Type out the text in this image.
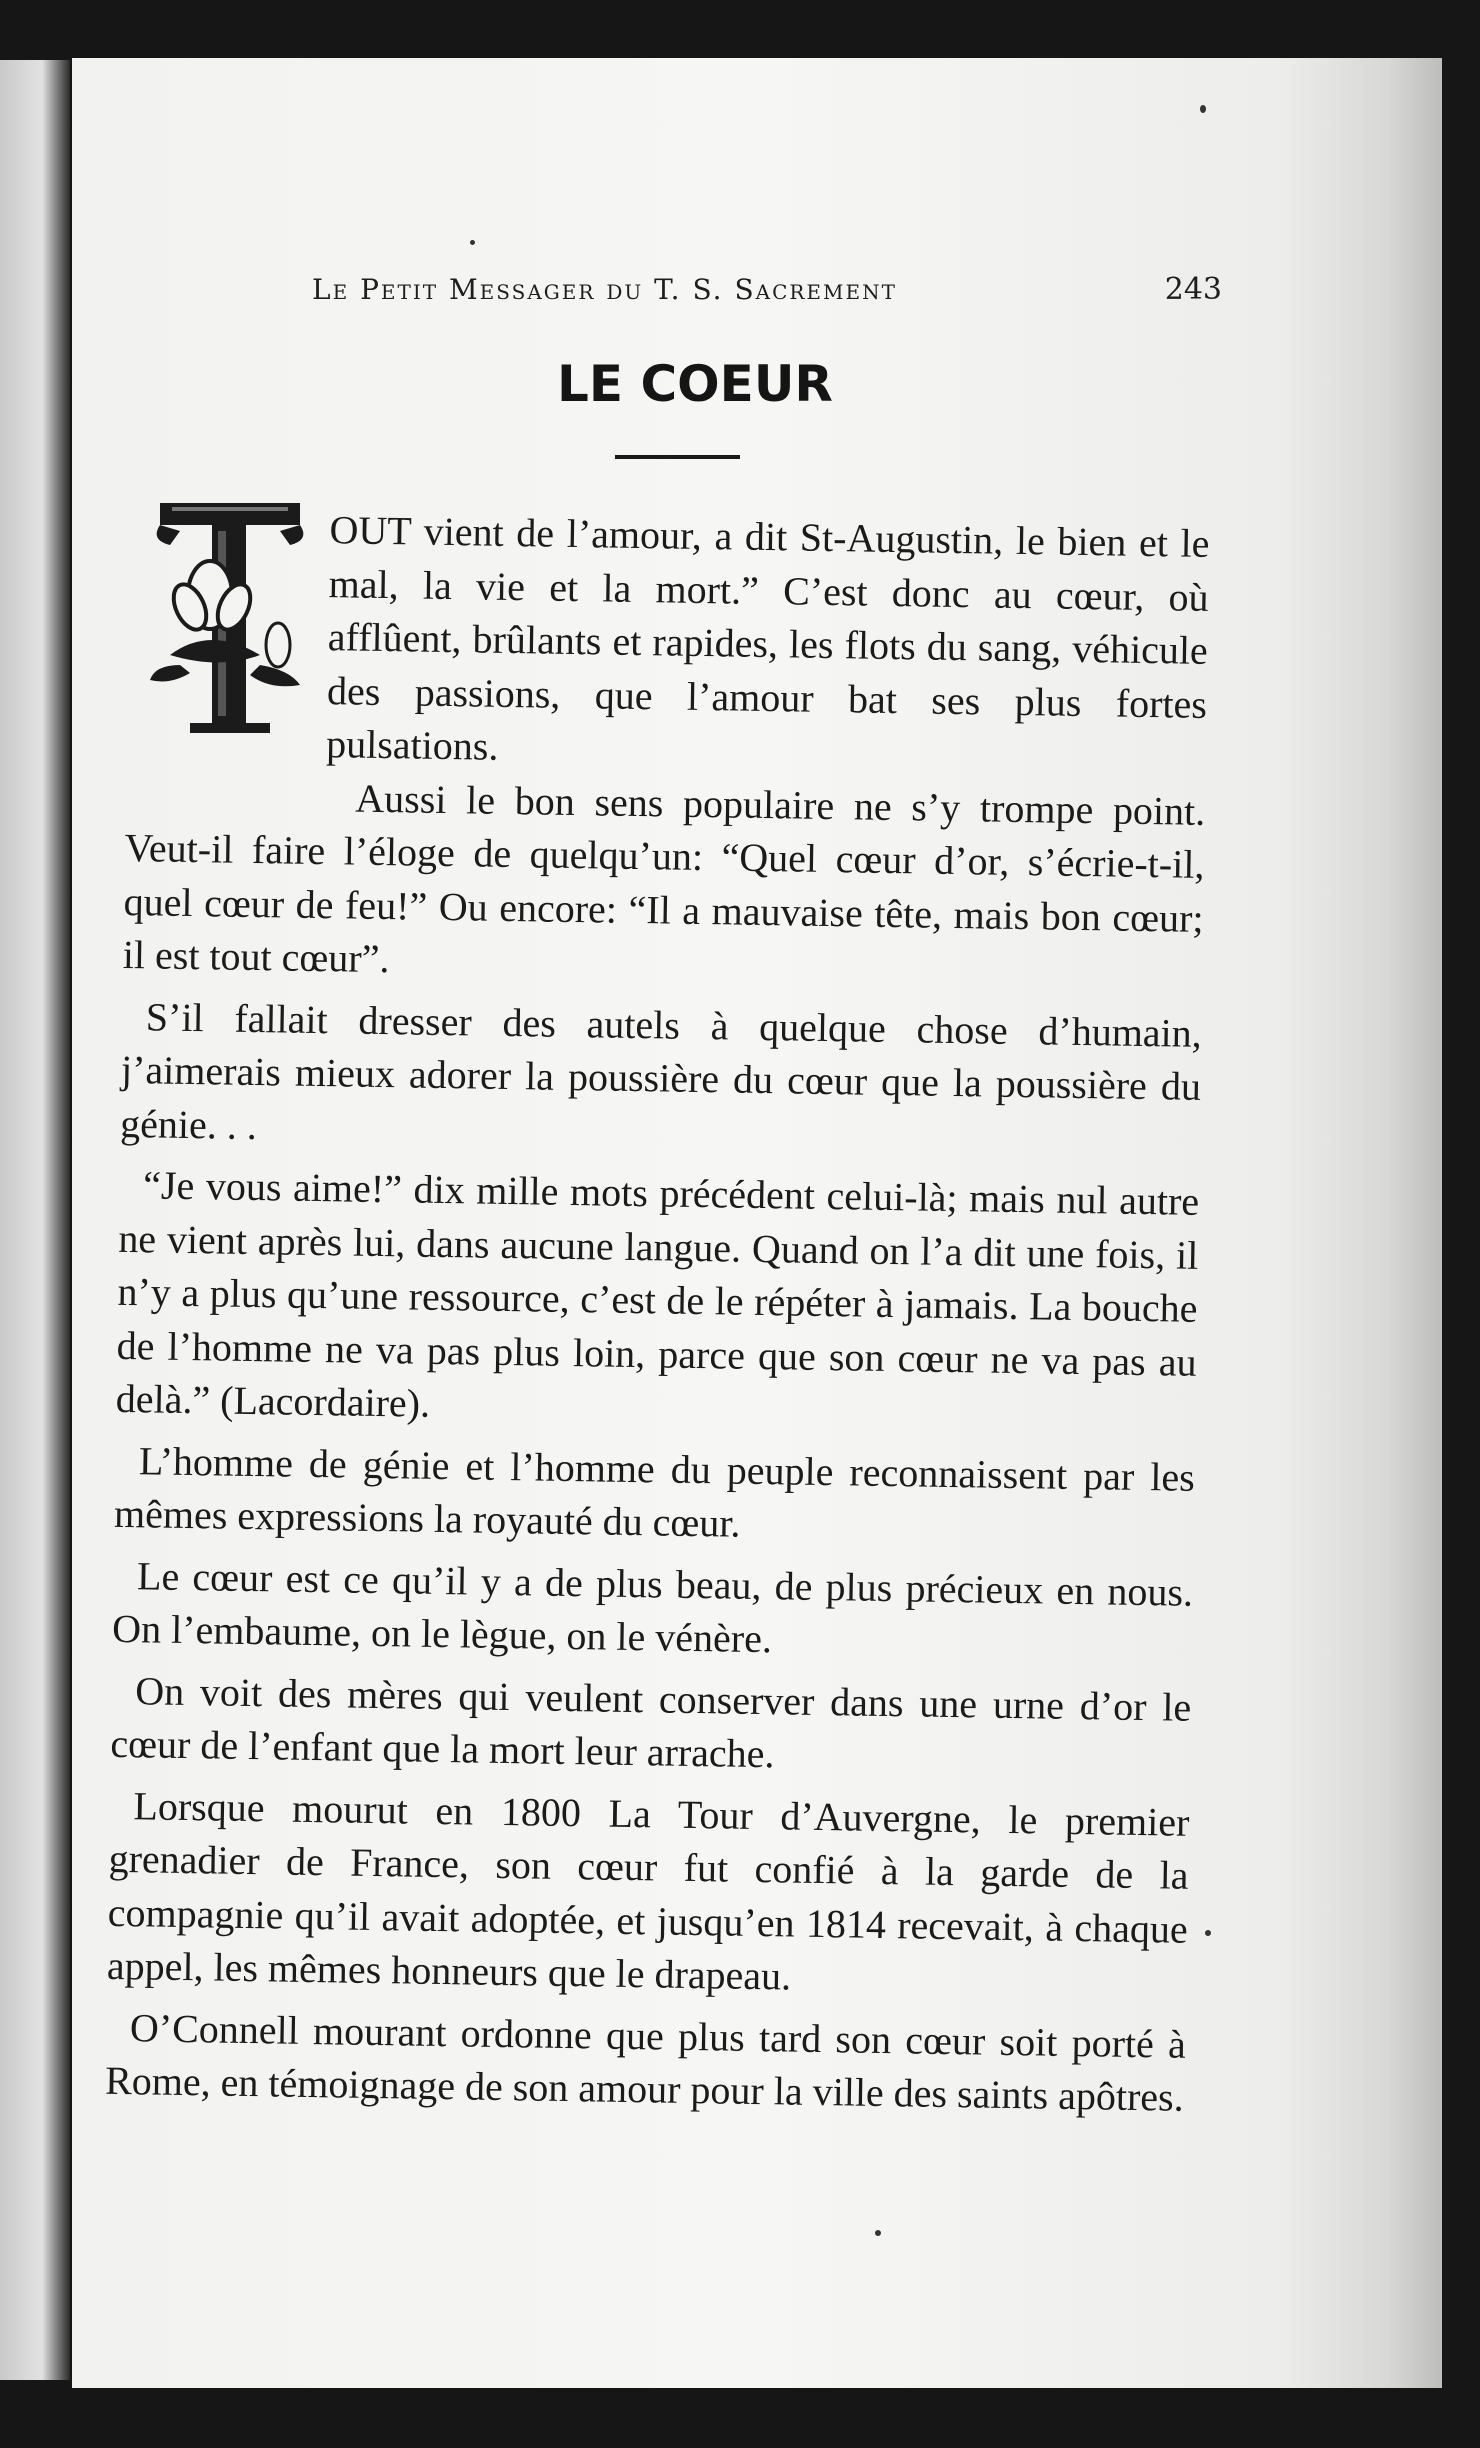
Le Petit Messager du T. S. Sacrement	243
LE COEUR

OUT vient de l’amour, a dit St-Augustin, le bien et le mal, la vie et la mort.” C’est donc au cœur, où afflûent, brûlants et rapides, les flots du sang, véhicule des passions, que l’amour bat ses plus fortes pulsations.

Aussi le bon sens populaire ne s’y trompe point. Veut-il faire l’éloge de quelqu’un: “Quel cœur d’or, s’écrie-t-il, quel cœur de feu!” Ou encore: “Il a mauvaise tête, mais bon cœur; il est tout cœur”.

S’il fallait dresser des autels à quelque chose d’humain, j’aimerais mieux adorer la poussière du cœur que la poussière du génie. . .

“Je vous aime!” dix mille mots précédent celui-là; mais nul autre ne vient après lui, dans aucune langue. Quand on l’a dit une fois, il n’y a plus qu’une ressource, c’est de le répéter à jamais. La bouche de l’homme ne va pas plus loin, parce que son cœur ne va pas au delà.” (Lacordaire).

L’homme de génie et l’homme du peuple reconnaissent par les mêmes expressions la royauté du cœur.

Le cœur est ce qu’il y a de plus beau, de plus précieux en nous. On l’embaume, on le lègue, on le vénère.

On voit des mères qui veulent conserver dans une urne d’or le cœur de l’enfant que la mort leur arrache.

Lorsque mourut en 1800 La Tour d’Auvergne, le premier grenadier de France, son cœur fut confié à la garde de la compagnie qu’il avait adoptée, et jusqu’en 1814 recevait, à chaque appel, les mêmes honneurs que le drapeau.

O’Connell mourant ordonne que plus tard son cœur soit porté à Rome, en témoignage de son amour pour la ville des saints apôtres.
